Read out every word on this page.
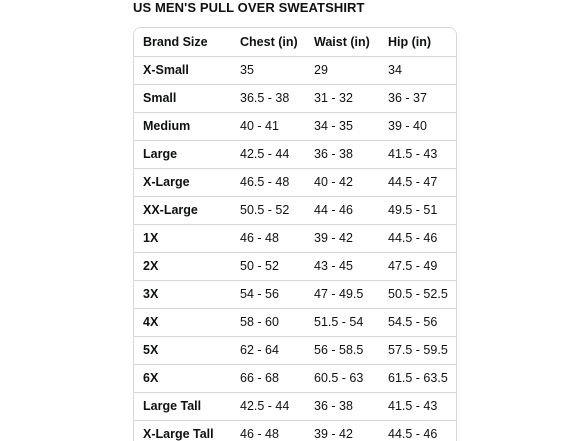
US MEN'S PULL OVER SWEATSHIRT
Brand Size	Chest (in)	Waist (in)	Hip (in)
X-Small	35	29	34
Small	36.5 - 38	31 - 32	36 - 37
Medium	40 - 41	34 - 35	39 - 40
Large	42.5 - 44	36 - 38	41.5 - 43
X-Large	46.5 - 48	40 - 42	44.5 - 47
XX-Large	50.5 - 52	44 - 46	49.5 - 51
1X	46 - 48	39 - 42	44.5 - 46
2X	50 - 52	43 - 45	47.5 - 49
3X	54 - 56	47 - 49.5	50.5 - 52.5
4X	58 - 60	51.5 - 54	54.5 - 56
5X	62 - 64	56 - 58.5	57.5 - 59.5
6X	66 - 68	60.5 - 63	61.5 - 63.5
Large Tall	42.5 - 44	36 - 38	41.5 - 43
X-Large Tall	46 - 48	39 - 42	44.5 - 46
